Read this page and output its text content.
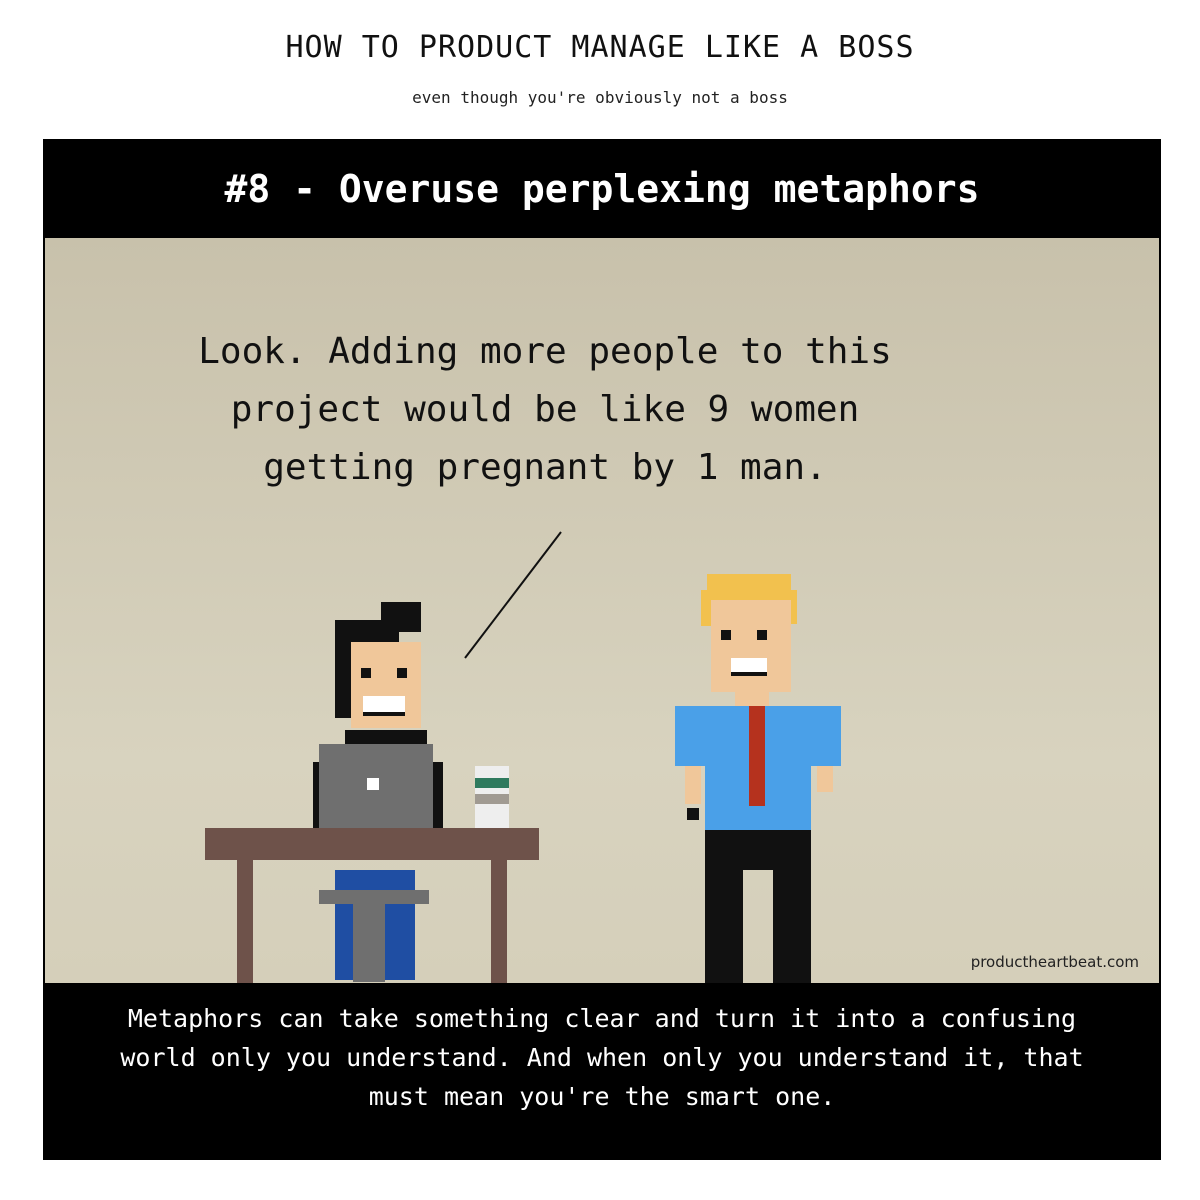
HOW TO PRODUCT MANAGE LIKE A BOSS
even though you're obviously not a boss
#8 - Overuse perplexing metaphors
Look. Adding more people to this
project would be like 9 women
getting pregnant by 1 man.
productheartbeat.com
Metaphors can take something clear and turn it into a confusing
world only you understand. And when only you understand it, that
must mean you're the smart one.
